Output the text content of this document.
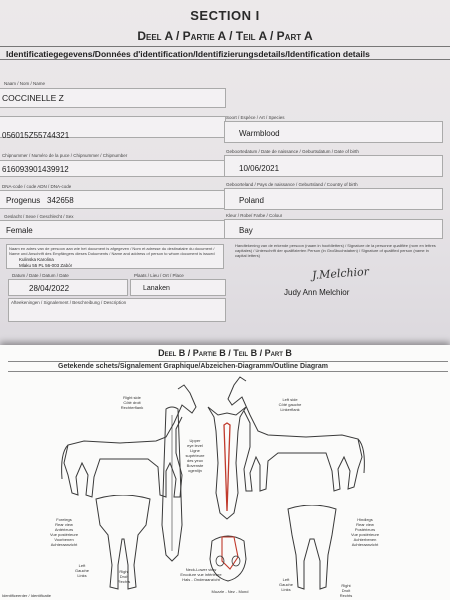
SECTION I
Deel A / Partie A / Teil A / Part A
Identificatiegegevens/Données d'identification/Identifizierungsdetails/Identification details
Naam / Nom / Name
COCCINELLE Z
056015Z55744321
Chipnummer / Numéro de la puce / Chipnummer / Chipnumber
616093901439912
DNA-code / code ADN / DNA-code
Progenus 342658
Geslacht / Sexe / Geschlecht / Sex
Female
Soort / Espèce / Art / Species
Warmblood
Geboortedatum / Date de naissance / Geburtsdatum / Date of birth
10/06/2021
Geboorteland / Pays de naissance / Geburtsland / Country of birth
Poland
Kleur / Robe/ Farbe / Colour
Bay
Naam en adres van de persoon aan wie het document is afgegeven / Nom et adresse du destinataire du document / Name und Anschrift des Empfängers dieses Dokuments / Name and address of person to whom document is issued
Kulinska Karolina
Mlaku 55 PL 56-003 Zabór
Datum / Date / Datum / Date
28/04/2022
Plaats / Lieu / Ort / Place
Lanaken
Afteekeningen / Signalement / Beschreibung / Description
Handtekening van de erkende persoon (naam in hoofdletters) / Signature de la personne qualifiée (nom en lettres capitales) / Unterschrift der qualifizierten Person (in Großbuchstaben) / Signature of qualified person (name in capital letters)
J.Melchior
Judy Ann Melchior
Deel B / Partie B / Teil B / Part B
Getekende schets/Signalement Graphique/Abzeichen-Diagramm/Outline Diagram
Right side
Côté droit
Rechterflank
Left side
Côté gauche
Linkerflank
Upper
eye level
Ligne
supérieure
des yeux
Bovenste
ogenlijn
Forelegs
Rear view
Antérieurs
Vue postérieure
Voorbenen
Achteraanzicht
Left
Gauche
Links
Right
Droit
Rechts
Neck-Lower view
Encolure vue inférieure
Hals - Onderaanzicht
Muzzle - Nez - Mond
Hindlegs
Rear view
Postérieurs
Vue postérieure
Achterbenen
Achteraanzicht
Left
Gauche
Links
Right
Droit
Rechts
Identificeerder / Identificatie
